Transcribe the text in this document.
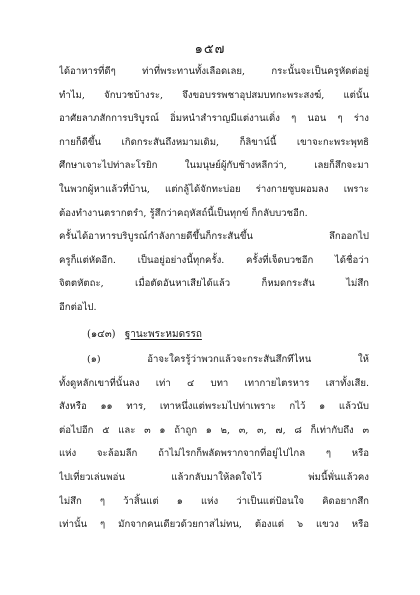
๑๕๗
ได้อาหารที่ดีๆ ท่าที่พระทานทั้งเลือดเลย, กระนั้นจะเป็นครูหัดต่อยู่
ทำไม, จักบวชบ้างระ, จึงขอบรรพชาอุปสมบทกะพระสงฆ์, แต่นั้น
อาศัยลาภสักการบริบูรณ์ อิ่มหนำสำราญมีแต่งานเดิ่ง ๆ นอน ๆ ร่าง
กายก็ดีขึ้น เกิดกระสันถึงหมามเดิม, ก็ลิขาน์นี้ เขาจะกะพระพุทธิ
ศึกษาเจาะไปท่าละโรยิก ในมนุษย์ผู้กับช้างหลีกว่า, เลยก็สึกจะมา
ในพวกผู้หาแล้วที่บ้าน, แต่กลู้ได้จักทะบ่อย ร่างกายซูบผอมลง เพราะ
ต้องทำงานตรากตรำ, รู้สึกว่าคฤหัสถ์นี้เป็นทุกข์ ก็กลับบวชอีก.
ครั้นได้อาหารบริบูรณ์กำลังกายดีขึ้นก็กระสันขึ้น ลึกออกไป
ครูก็แต่หัดอีก. เป็นอยู่อย่างนี้ทุกครั้ง. ครั้งที่เจ็ดบวชอีก ได้ชื่อว่า
จิตตหัตถะ, เมื่อตัดอันหาเสียได้แล้ว ก็หมดกระสัน ไม่สึก
อีกต่อไป.
(๑๔๓) ฐานะพระหมดรรถ
(๑) อ้าจะใครรู้ว่าพวกแล้วจะกระสันสึกทีไหน ให้
ทั้งดูหลักเขาที่นั้นลง เท่า ๔ บทา เทากายไตรหาร เสาทั้งเสีย.
สังหรือ ๑๑ ทาร, เทาหนึ่งแต่พระมไปท่าเพราะ กไว้ ๑ แล้วนับ
ต่อไปอีก ๕ และ ๓ ๑ ถ้าถูก ๑ ๒, ๓, ๓, ๗, ๘ ก็เท่ากับถึง ๓
แห่ง จะล้อมลีก ถ้าไม่ไรกก็พลัดพรากจากที่อยู่ไปไกล ๆ หรือ
ไปเที่ยวเล่นพอ่น แล้วกลับมาให้ลดใจไว้ พ่มนี้พั่นแล้วคง
ไม่สึก ๆ ว้าสิ้นแต่ ๑ แห่ง ว่าเป็นแต่ป้อนใจ คิดอยากสึก
เท่านั้น ๆ มักจากคนเดียวด้วยกาสไม่ทน, ต้องแต่ ๖ แขวง หรือ
